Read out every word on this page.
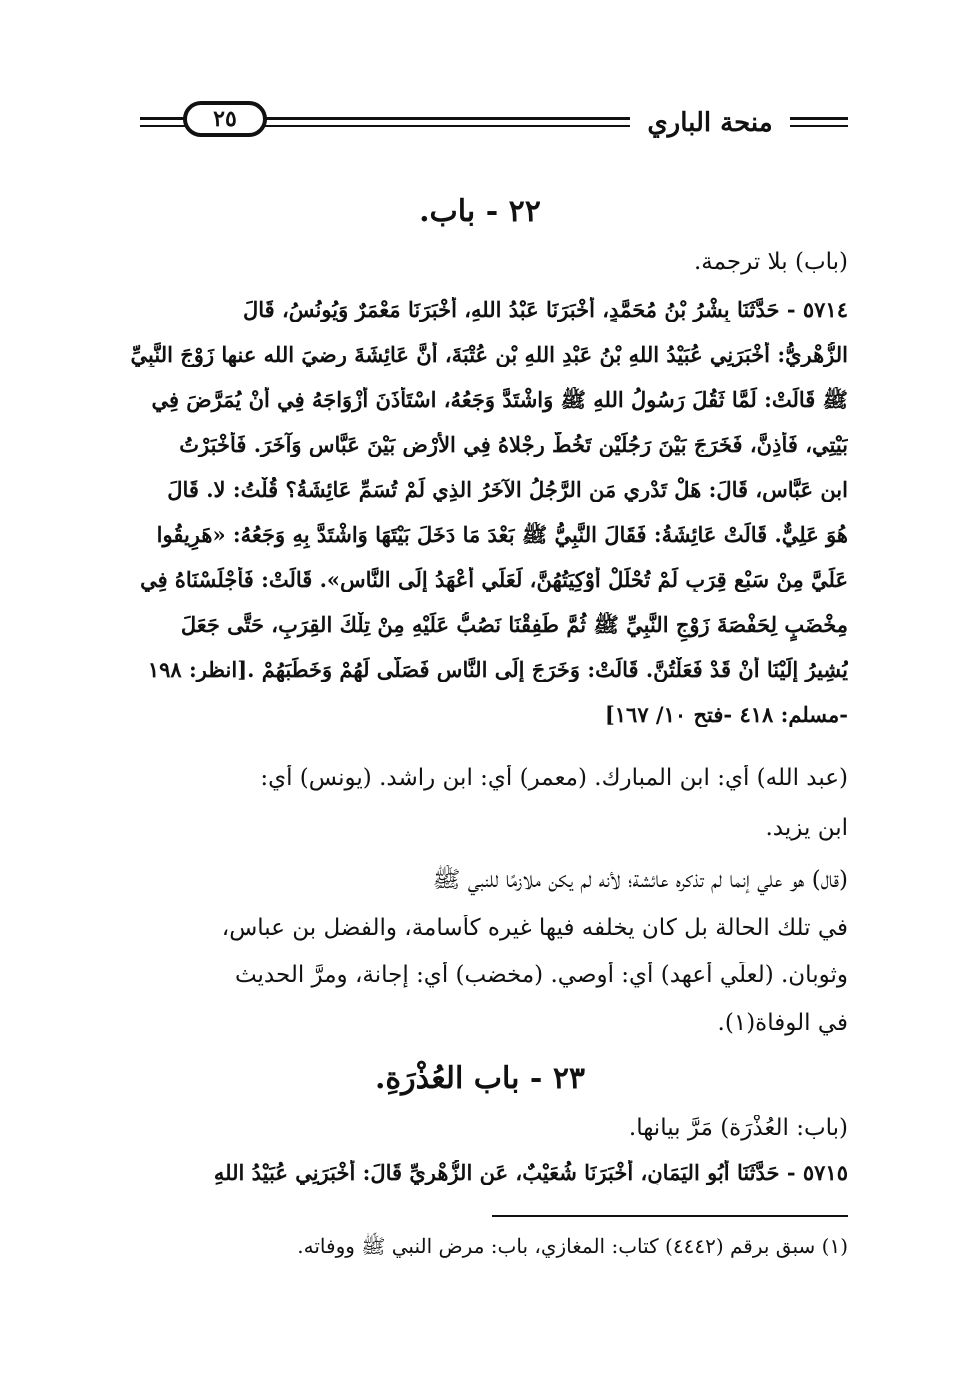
منحة الباري
٢٥
٢٢ - باب.
(باب) بلا ترجمة.
٥٧١٤ - حَدَّثَنَا بِشْرُ بْنُ مُحَمَّدٍ، أَخْبَرَنَا عَبْدُ اللهِ، أَخْبَرَنَا مَعْمَرٌ وَيُونُسُ، قَالَ
الزُّهْرِيُّ: أَخْبَرَنِي عُبَيْدُ اللهِ بْنُ عَبْدِ اللهِ بْنِ عُتْبَةَ، أَنَّ عَائِشَةَ رضيَ الله عنها زَوْجَ النَّبِيِّ
ﷺ قَالَتْ: لَمَّا ثَقُلَ رَسُولُ اللهِ ﷺ وَاشْتَدَّ وَجَعُهُ، اسْتَأْذَنَ أَزْوَاجَهُ فِي أَنْ يُمَرَّضَ فِي
بَيْتِي، فَأَذِنَّ، فَخَرَجَ بَيْنَ رَجُلَيْنِ تَخُطُّ رِجْلاهُ فِي الأَرْضِ بَيْنَ عَبَّاسٍ وَآخَرَ. فَأَخْبَرْتُ
ابن عَبَّاسٍ، قَالَ: هَلْ تَدْرِي مَنِ الرَّجُلُ الآخَرُ الذِي لَمْ تُسَمِّ عَائِشَةُ؟ قُلْتُ: لا. قَالَ
هُوَ عَلِيٌّ. قَالَتْ عَائِشَةُ: فَقَالَ النَّبِيُّ ﷺ بَعْدَ مَا دَخَلَ بَيْتَهَا وَاشْتَدَّ بِهِ وَجَعُهُ: «هَرِيقُوا
عَلَيَّ مِنْ سَبْعِ قِرَبٍ لَمْ تُحْلَلْ أَوْكِيَتُهُنَّ، لَعَلِّي أَعْهَدُ إِلَى النَّاسِ». قَالَتْ: فَأَجْلَسْنَاهُ فِي
مِخْضَبٍ لِحَفْصَةَ زَوْجِ النَّبِيِّ ﷺ ثُمَّ طَفِقْنَا نَصُبُّ عَلَيْهِ مِنْ تِلْكَ القِرَبِ، حَتَّى جَعَلَ
يُشِيرُ إِلَيْنَا أَنْ قَدْ فَعَلْتُنَّ. قَالَتْ: وَخَرَجَ إِلَى النَّاسِ فَصَلَّى لَهُمْ وَخَطَبَهُمْ .[انظر: ١٩٨
-مسلم: ٤١٨ -فتح ١٠/ ١٦٧]
(عبد الله) أي: ابن المبارك. (معمر) أي: ابن راشد. (يونس) أي:
ابن يزيد.
(قال) هو علي إنما لم تذكره عائشة؛ لأنه لم يكن ملازمًا للنبي ﷺ
في تلك الحالة بل كان يخلفه فيها غيره كأسامة، والفضل بن عباس،
وثوبان. (لعلِّي أعهد) أي: أوصي. (مخضب) أي: إجانة، ومرَّ الحديث
في الوفاة(١).
٢٣ - باب العُذْرَةِ.
(باب: العُذْرَة) مَرَّ بيانها.
٥٧١٥ - حَدَّثَنَا أَبُو اليَمَانِ، أَخْبَرَنَا شُعَيْبٌ، عَنِ الزُّهْرِيِّ قَالَ: أَخْبَرَنِي عُبَيْدُ اللهِ
(١) سبق برقم (٤٤٤٢) كتاب: المغازي، باب: مرض النبي ﷺ ووفاته.
